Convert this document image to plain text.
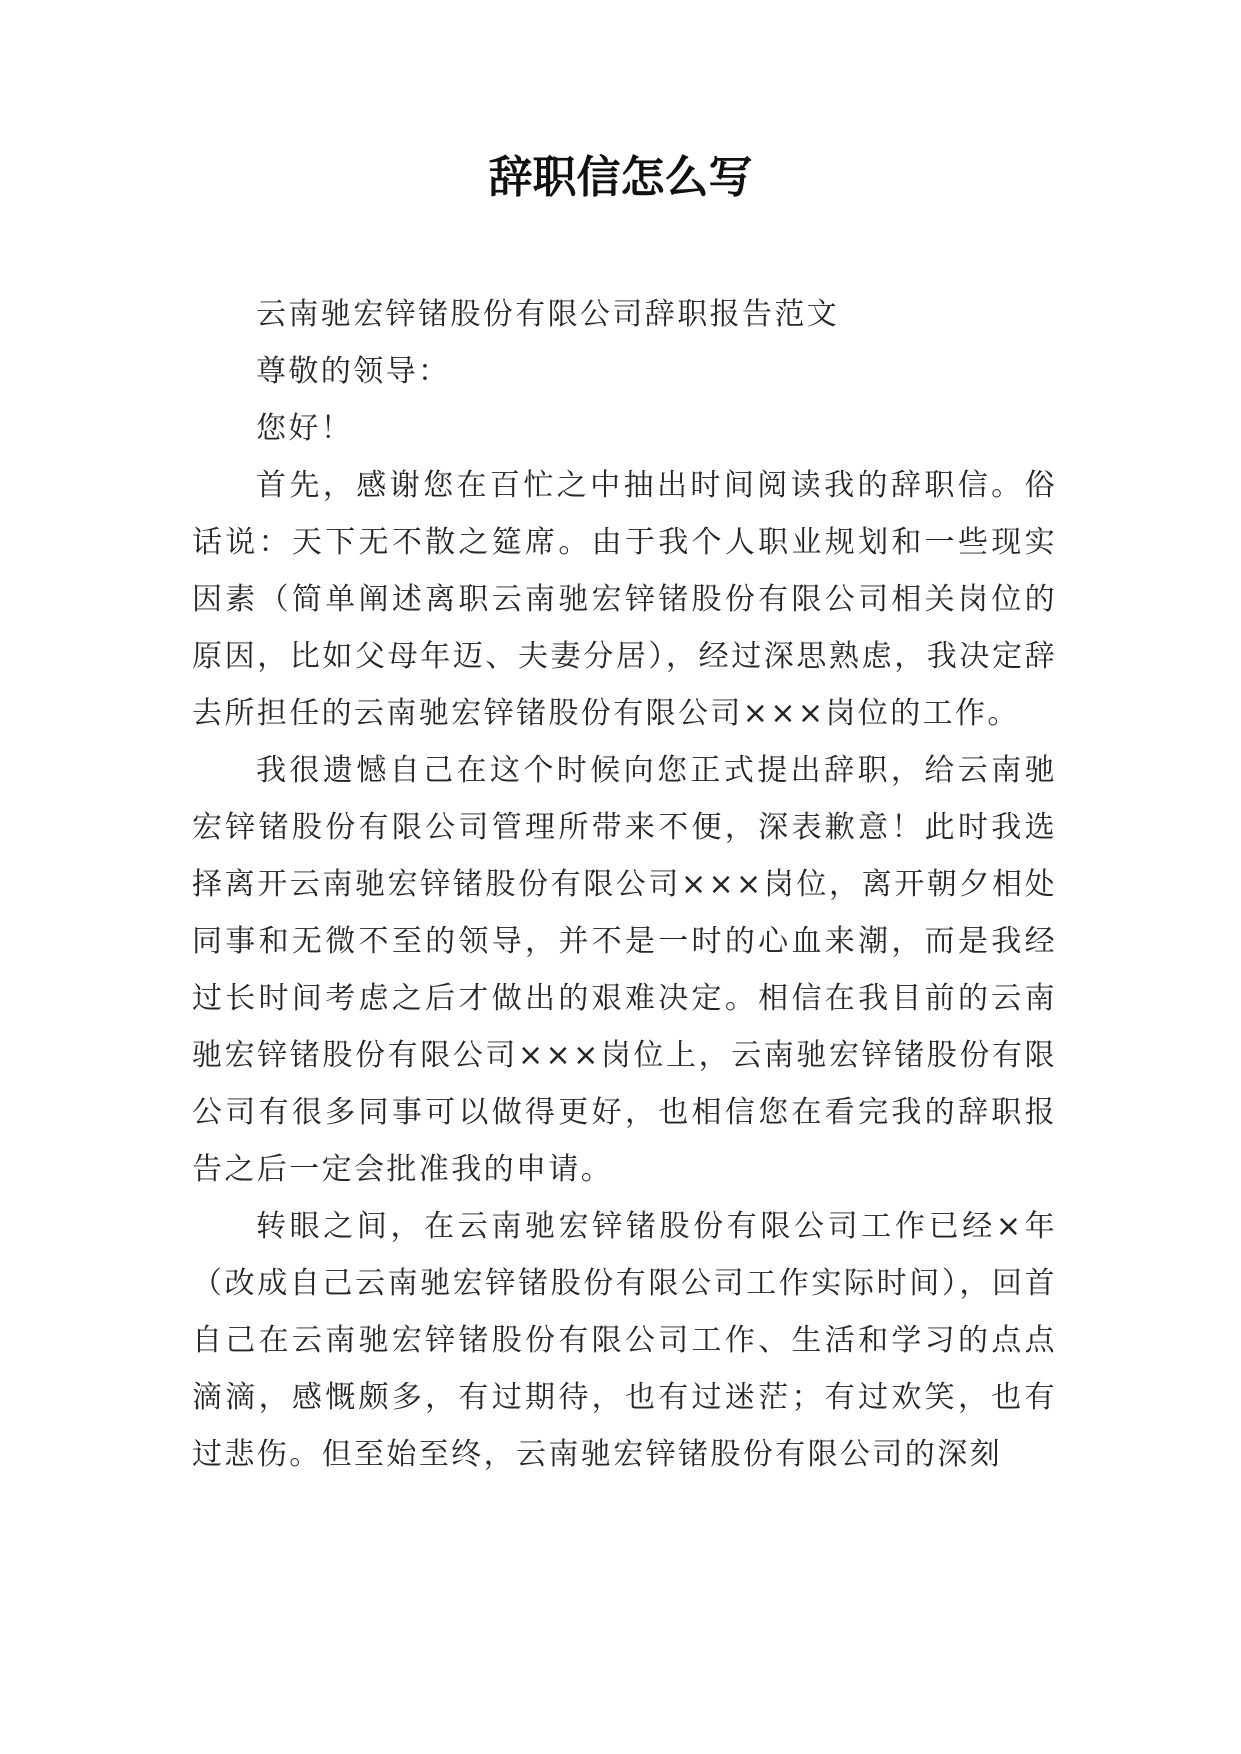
辞职信怎么写

云南驰宏锌锗股份有限公司辞职报告范文

尊敬的领导：

您好！

首先，感谢您在百忙之中抽出时间阅读我的辞职信。俗话说：天下无不散之筵席。由于我个人职业规划和一些现实因素（简单阐述离职云南驰宏锌锗股份有限公司相关岗位的原因，比如父母年迈、夫妻分居），经过深思熟虑，我决定辞去所担任的云南驰宏锌锗股份有限公司×××岗位的工作。

我很遗憾自己在这个时候向您正式提出辞职，给云南驰宏锌锗股份有限公司管理所带来不便，深表歉意！此时我选择离开云南驰宏锌锗股份有限公司×××岗位，离开朝夕相处同事和无微不至的领导，并不是一时的心血来潮，而是我经过长时间考虑之后才做出的艰难决定。相信在我目前的云南驰宏锌锗股份有限公司×××岗位上，云南驰宏锌锗股份有限公司有很多同事可以做得更好，也相信您在看完我的辞职报告之后一定会批准我的申请。

转眼之间，在云南驰宏锌锗股份有限公司工作已经×年（改成自己云南驰宏锌锗股份有限公司工作实际时间），回首自己在云南驰宏锌锗股份有限公司工作、生活和学习的点点滴滴，感慨颇多，有过期待，也有过迷茫；有过欢笑，也有过悲伤。但至始至终，云南驰宏锌锗股份有限公司的深刻
